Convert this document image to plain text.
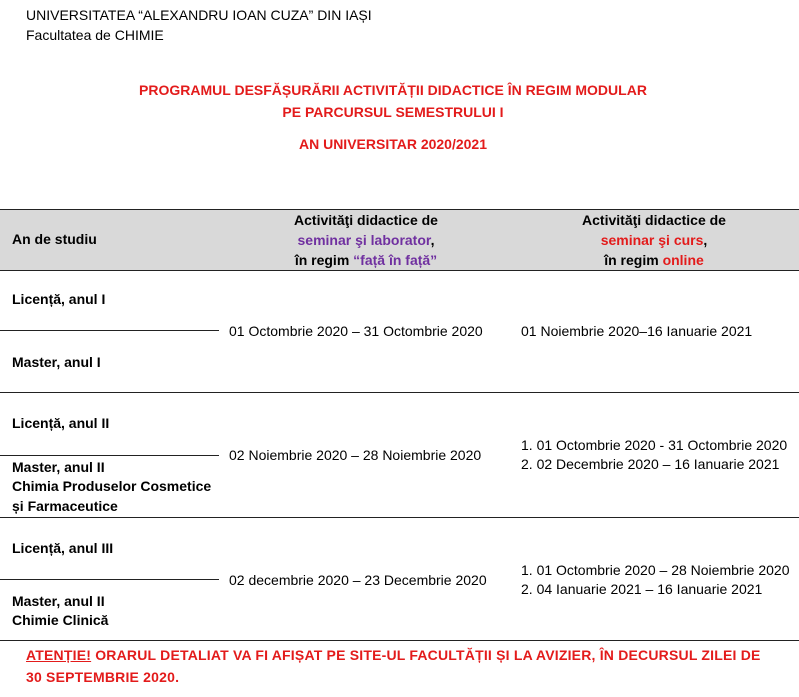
UNIVERSITATEA “ALEXANDRU IOAN CUZA” DIN IAȘI
Facultatea de CHIMIE
PROGRAMUL DESFĂȘURĂRII ACTIVITĂȚII DIDACTICE ÎN REGIM MODULAR
PE PARCURSUL SEMESTRULUI I
AN UNIVERSITAR 2020/2021
An de studiu
Activităţi didactice de
seminar şi laborator,
în regim “față în față”
Activităţi didactice de
seminar şi curs,
în regim online
Licență, anul I
Master, anul I
01 Octombrie 2020 – 31 Octombrie 2020	01 Noiembrie 2020–16 Ianuarie 2021
Licență, anul II
Master, anul II
Chimia Produselor Cosmetice
și Farmaceutice
02 Noiembrie 2020 – 28 Noiembrie 2020
1. 01 Octombrie 2020 - 31 Octombrie 2020
2. 02 Decembrie 2020 – 16 Ianuarie 2021
Licență, anul III
Master, anul II
Chimie Clinică
02 decembrie 2020 – 23 Decembrie 2020
1. 01 Octombrie 2020 – 28 Noiembrie 2020
2. 04 Ianuarie 2021 – 16 Ianuarie 2021
ATENȚIE! ORARUL DETALIAT VA FI AFIȘAT PE SITE-UL FACULTĂȚII ȘI LA AVIZIER, ÎN DECURSUL ZILEI DE 30 SEPTEMBRIE 2020.
